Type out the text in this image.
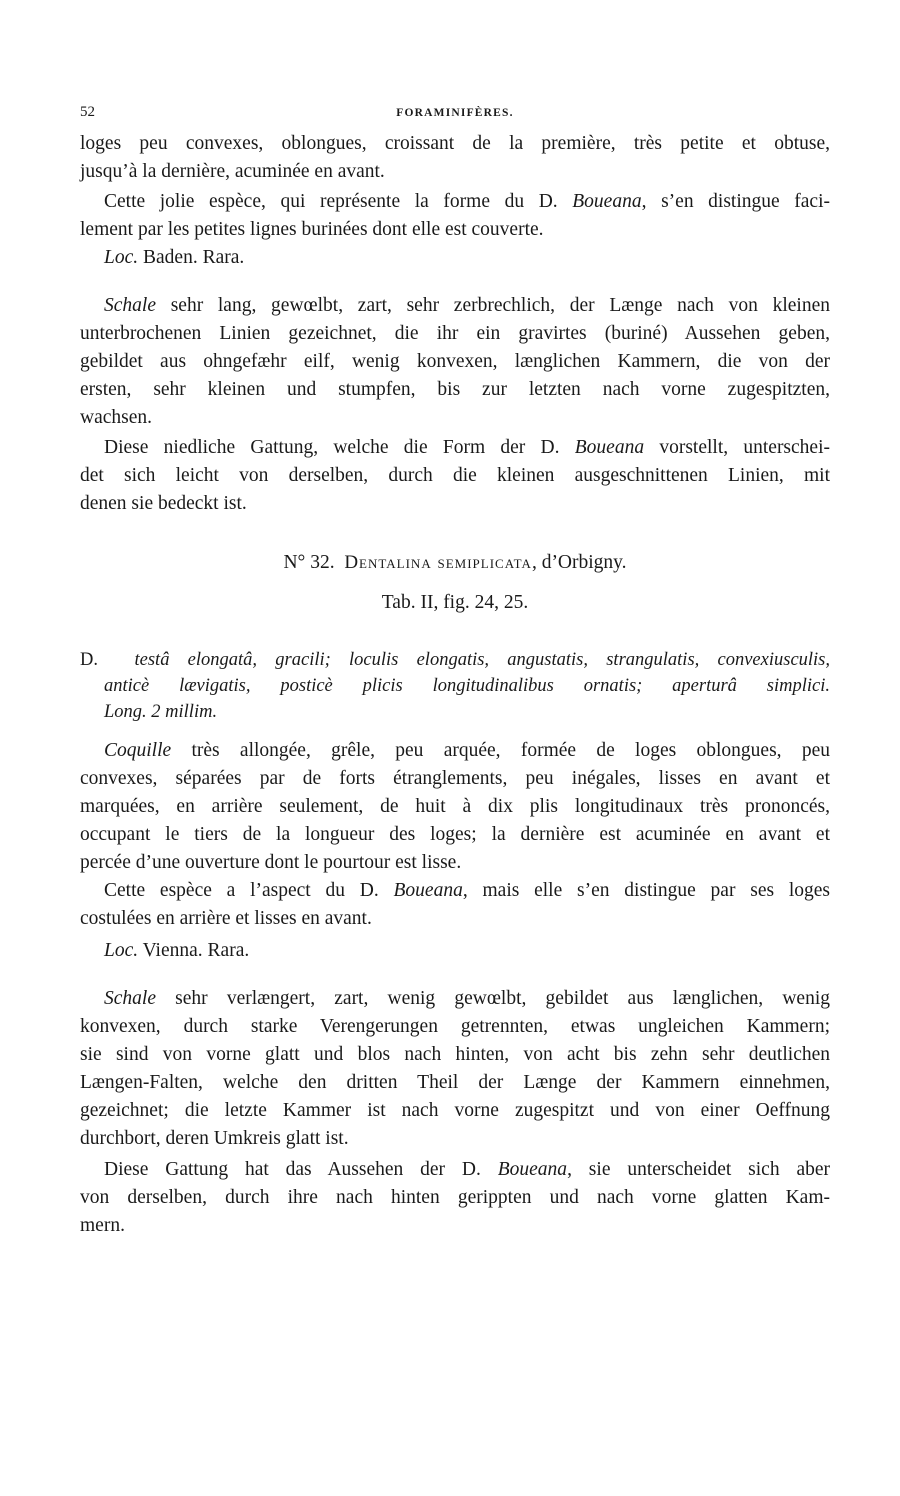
52	FORAMINIFÈRES.

loges peu convexes, oblongues, croissant de la première, très petite et obtuse,

jusqu’à la dernière, acuminée en avant.

Cette jolie espèce, qui représente la forme du D. Boueana, s’en distingue faci-

lement par les petites lignes burinées dont elle est couverte.

Loc. Baden. Rara.

Schale sehr lang, gewœlbt, zart, sehr zerbrechlich, der Længe nach von kleinen

unterbrochenen Linien gezeichnet, die ihr ein gravirtes (buriné) Aussehen geben,

gebildet aus ohngefæhr eilf, wenig konvexen, længlichen Kammern, die von der

ersten, sehr kleinen und stumpfen, bis zur letzten nach vorne zugespitzten,

wachsen.

Diese niedliche Gattung, welche die Form der D. Boueana vorstellt, unterschei-

det sich leicht von derselben, durch die kleinen ausgeschnittenen Linien, mit

denen sie bedeckt ist.

N° 32. Dentalina semiplicata, d’Orbigny.

Tab. II, fig. 24, 25.

D. testâ elongatâ, gracili; loculis elongatis, angustatis, strangulatis, convexiusculis,

anticè lævigatis, posticè plicis longitudinalibus ornatis; aperturâ simplici.

Long. 2 millim.

Coquille très allongée, grêle, peu arquée, formée de loges oblongues, peu

convexes, séparées par de forts étranglements, peu inégales, lisses en avant et

marquées, en arrière seulement, de huit à dix plis longitudinaux très prononcés,

occupant le tiers de la longueur des loges; la dernière est acuminée en avant et

percée d’une ouverture dont le pourtour est lisse.

Cette espèce a l’aspect du D. Boueana, mais elle s’en distingue par ses loges

costulées en arrière et lisses en avant.

Loc. Vienna. Rara.

Schale sehr verlængert, zart, wenig gewœlbt, gebildet aus længlichen, wenig

konvexen, durch starke Verengerungen getrennten, etwas ungleichen Kammern;

sie sind von vorne glatt und blos nach hinten, von acht bis zehn sehr deutlichen

Længen-Falten, welche den dritten Theil der Længe der Kammern einnehmen,

gezeichnet; die letzte Kammer ist nach vorne zugespitzt und von einer Oeffnung

durchbort, deren Umkreis glatt ist.

Diese Gattung hat das Aussehen der D. Boueana, sie unterscheidet sich aber

von derselben, durch ihre nach hinten gerippten und nach vorne glatten Kam-

mern.
